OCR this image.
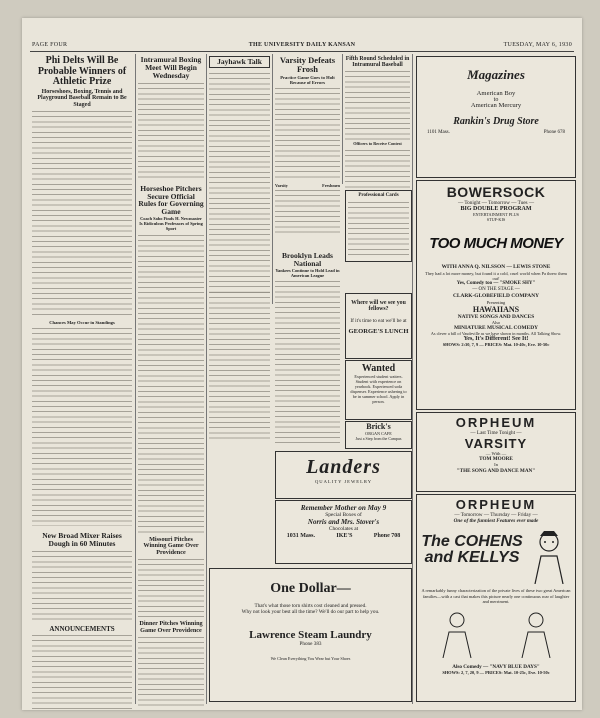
PAGE FOUR	THE UNIVERSITY DAILY KANSAN	TUESDAY, MAY 6, 1930
Phi Delts Will Be Probable Winners of Athletic Prize
Horseshoes, Boxing, Tennis and Playground Baseball Remain to Be Staged
Chances May Occur in Standings
New Broad Mixer Raises Dough in 60 Minutes
ANNOUNCEMENTS
Intramural Boxing Meet Will Begin Wednesday
Horseshoe Pitchers Secure Official Rules for Governing Game
Coach Sabo Finds H. Newmaster Is Ridiculous Professors of Spring Sport
Missouri Pitches Winning Game Over Providence
Dinner Pitches Winning Game Over Providence
Jayhawk Talk	Varsity Defeats Frosh
Practice Game Goes to Holt Because of Errors
Varsity	Freshmen
Fifth Round Scheduled in Intramural Baseball
Officers to Receive Contest
Brooklyn Leads National
Yankees Continue to Hold Lead in American League
Professional Cards
Where will we see you fellows?
If it's time to eat we'll be at
GEORGE'S LUNCH
Wanted
Experienced student waiters. Student with experience on yearbook. Experienced soda dispenser. Experience ushering to be in summer school. Apply in person.
Brick's
ORGAN CAFE
Just a Step from the Campus
Landers
QUALITY JEWELRY
Remember Mother on May 9
Special Boxes of
Norris and Mrs. Stover's
Chocolates at
1031 Mass.	IKE'S	Phone 708
One Dollar—
That's what those torn shirts cost cleaned and pressed.
Why not look your best all the time? We'll do our part to help you.
Lawrence Steam Laundry
Phone 383
We Clean Everything You Wear but Your Shoes
Magazines
American Boy
to
American Mercury
Rankin's Drug Store
1101 Mass.	Phone 678
BOWERSOCK
— Tonight — Tomorrow — Tues —
BIG DOUBLE PROGRAM
ENTERTAINMENT PLUS
STUF-KIS
TOO MUCH MONEY
WITH ANNA Q. NILSSON — LEWIS STONE
They had a lot more money, but found it a cold, cruel world when Pa threw them out!
Yes, Comedy too — "SMOKE SHY"
— ON THE STAGE —
CLARK-GLOBEFIELD COMPANY
Presenting
HAWAIIANS
NATIVE SONGS AND DANCES
Also
MINIATURE MUSICAL COMEDY
As clever a bill of Vaudeville as we have shown in months. All Talking Show.
Yes, It's Different! See It!
SHOWS: 2:30, 7, 9 — PRICES: Mat. 10-40c, Eve. 10-50c
ORPHEUM
— Last Time Tonight —
VARSITY
— With —
TOM MOORE
In
"THE SONG AND DANCE MAN"
ORPHEUM
— Tomorrow — Thursday — Friday —
One of the funniest Features ever made
The COHENS and KELLYS
A remarkably funny characterization of the private lives of these two great American families—with a cast that makes this picture nearly one continuous roar of laughter and merriment.
Also Comedy — "NAVY BLUE DAYS"
SHOWS: 2, 7, 20, 9 — PRICES: Mat. 10-25c, Eve. 10-50c
